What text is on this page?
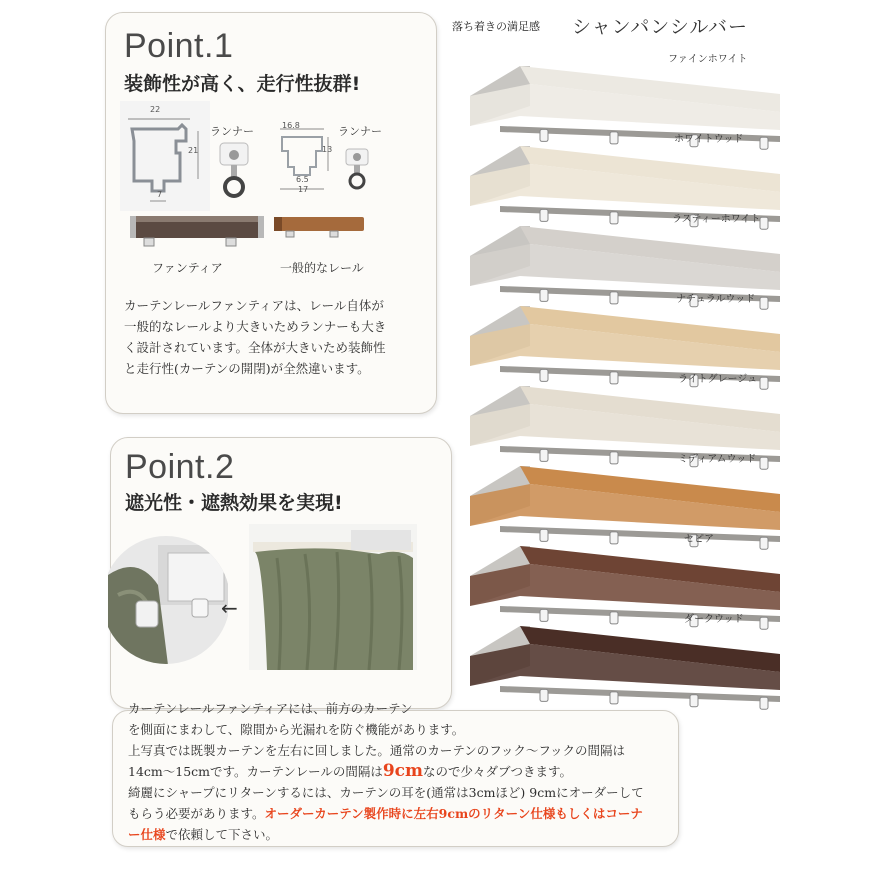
Point.1
装飾性が高く、走行性抜群!
22
21
7
ランナー	16.8
13
6.5
17
ランナー
ファンティア	一般的なレール
カーテンレールファンティアは、レール自体が
一般的なレールより大きいためランナーも大き
く設計されています。全体が大きいため装飾性
と走行性(カーテンの開閉)が全然違います。
Point.2
遮光性・遮熱効果を実現!
←
カーテンレールファンティアには、前方のカーテン
を側面にまわして、隙間から光漏れを防ぐ機能があります。
上写真では既製カーテンを左右に回しました。通常のカーテンのフック～フックの間隔は
14cm～15cmです。カーテンレールの間隔は9cmなので少々ダブつきます。
綺麗にシャープにリターンするには、カーテンの耳を(通常は3cmほど) 9cmにオーダーして
もらう必要があります。オーダーカーテン製作時に左右9cmのリターン仕様もしくはコーナ
ー仕様で依頼して下さい。
落ち着きの満足感 シャンパンシルバー
ファインホワイト
ホワイトウッド
ラスティーホワイト
ナチュラルウッド
ライトグレージュ
ミディアムウッド
セピア
ダークウッド
